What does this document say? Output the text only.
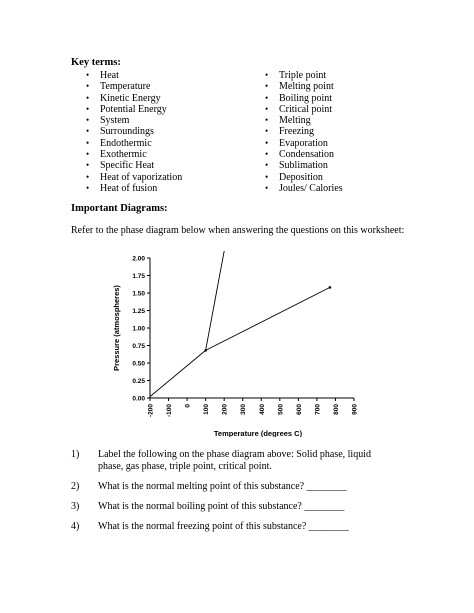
Key terms:
• Heat
• Temperature
• Kinetic Energy
• Potential Energy
• System
• Surroundings
• Endothermic
• Exothermic
• Specific Heat
• Heat of vaporization
• Heat of fusion
• Triple point
• Melting point
• Boiling point
• Critical point
• Melting
• Freezing
• Evaporation
• Condensation
• Sublimation
• Deposition
• Joules/ Calories
Important Diagrams:
Refer to the phase diagram below when answering the questions on this worksheet:
0.00
0.25
0.50
0.75
1.00
1.25
1.50
1.75
2.00
-200 -100 0 100 200 300 400 500 600 700 800 900
Temperature (degrees C)
Pressure (atmospheres)
1) Label the following on the phase diagram above: Solid phase, liquid phase, gas phase, triple point, critical point.
2) What is the normal melting point of this substance? ________
3) What is the normal boiling point of this substance? ________
4) What is the normal freezing point of this substance? ________
